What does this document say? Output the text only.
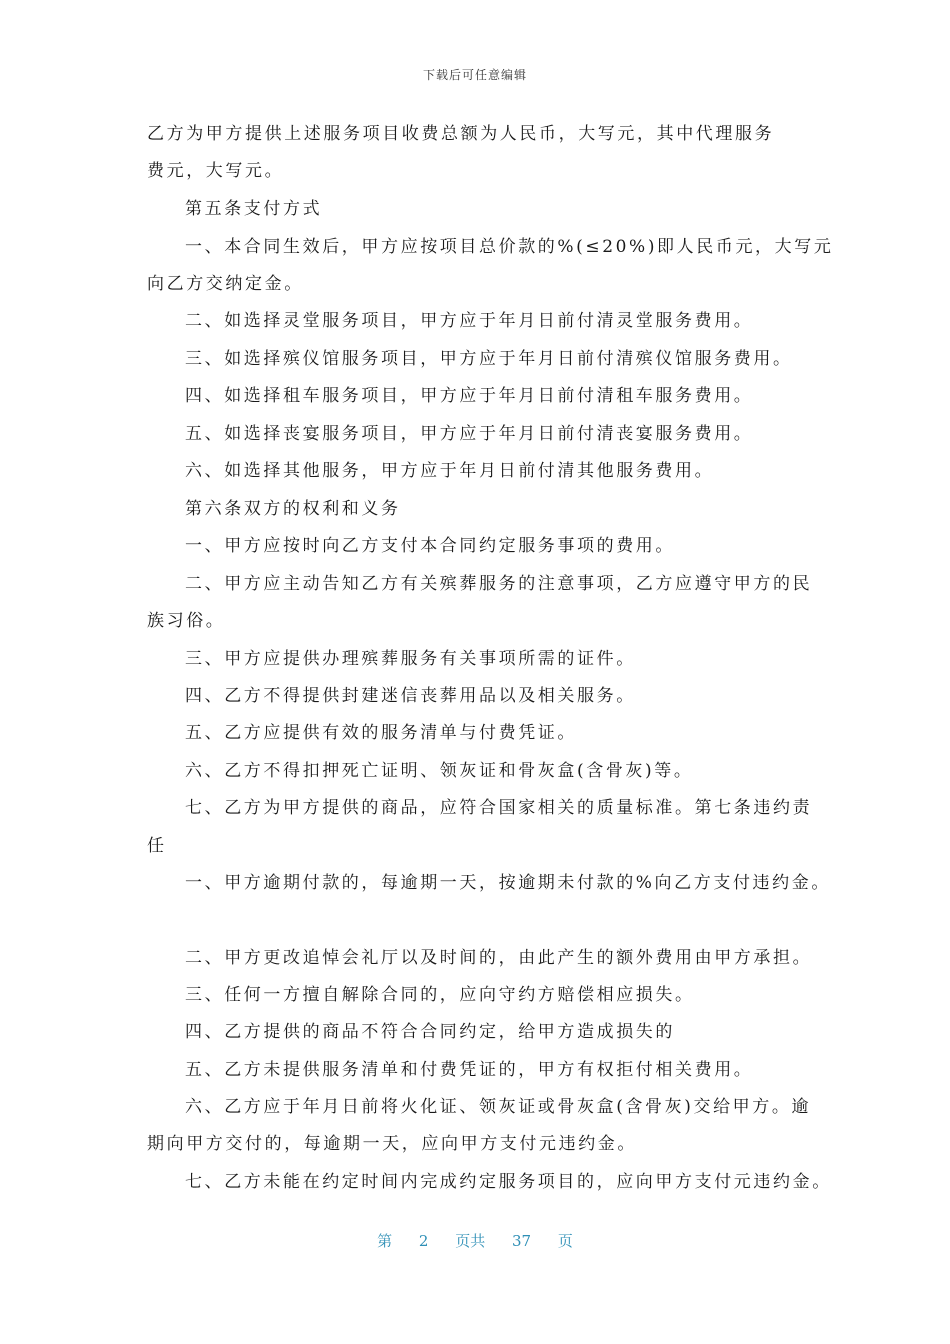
下载后可任意编辑
乙方为甲方提供上述服务项目收费总额为人民币，大写元，其中代理服务
费元，大写元。
第五条支付方式
一、本合同生效后，甲方应按项目总价款的%(≤20%)即人民币元，大写元
向乙方交纳定金。
二、如选择灵堂服务项目，甲方应于年月日前付清灵堂服务费用。
三、如选择殡仪馆服务项目，甲方应于年月日前付清殡仪馆服务费用。
四、如选择租车服务项目，甲方应于年月日前付清租车服务费用。
五、如选择丧宴服务项目，甲方应于年月日前付清丧宴服务费用。
六、如选择其他服务，甲方应于年月日前付清其他服务费用。
第六条双方的权利和义务
一、甲方应按时向乙方支付本合同约定服务事项的费用。
二、甲方应主动告知乙方有关殡葬服务的注意事项，乙方应遵守甲方的民
族习俗。
三、甲方应提供办理殡葬服务有关事项所需的证件。
四、乙方不得提供封建迷信丧葬用品以及相关服务。
五、乙方应提供有效的服务清单与付费凭证。
六、乙方不得扣押死亡证明、领灰证和骨灰盒(含骨灰)等。
七、乙方为甲方提供的商品，应符合国家相关的质量标准。第七条违约责
任
一、甲方逾期付款的，每逾期一天，按逾期未付款的%向乙方支付违约金。
二、甲方更改追悼会礼厅以及时间的，由此产生的额外费用由甲方承担。
三、任何一方擅自解除合同的，应向守约方赔偿相应损失。
四、乙方提供的商品不符合合同约定，给甲方造成损失的
五、乙方未提供服务清单和付费凭证的，甲方有权拒付相关费用。
六、乙方应于年月日前将火化证、领灰证或骨灰盒(含骨灰)交给甲方。逾
期向甲方交付的，每逾期一天，应向甲方支付元违约金。
七、乙方未能在约定时间内完成约定服务项目的，应向甲方支付元违约金。
第 2 页共 37 页
